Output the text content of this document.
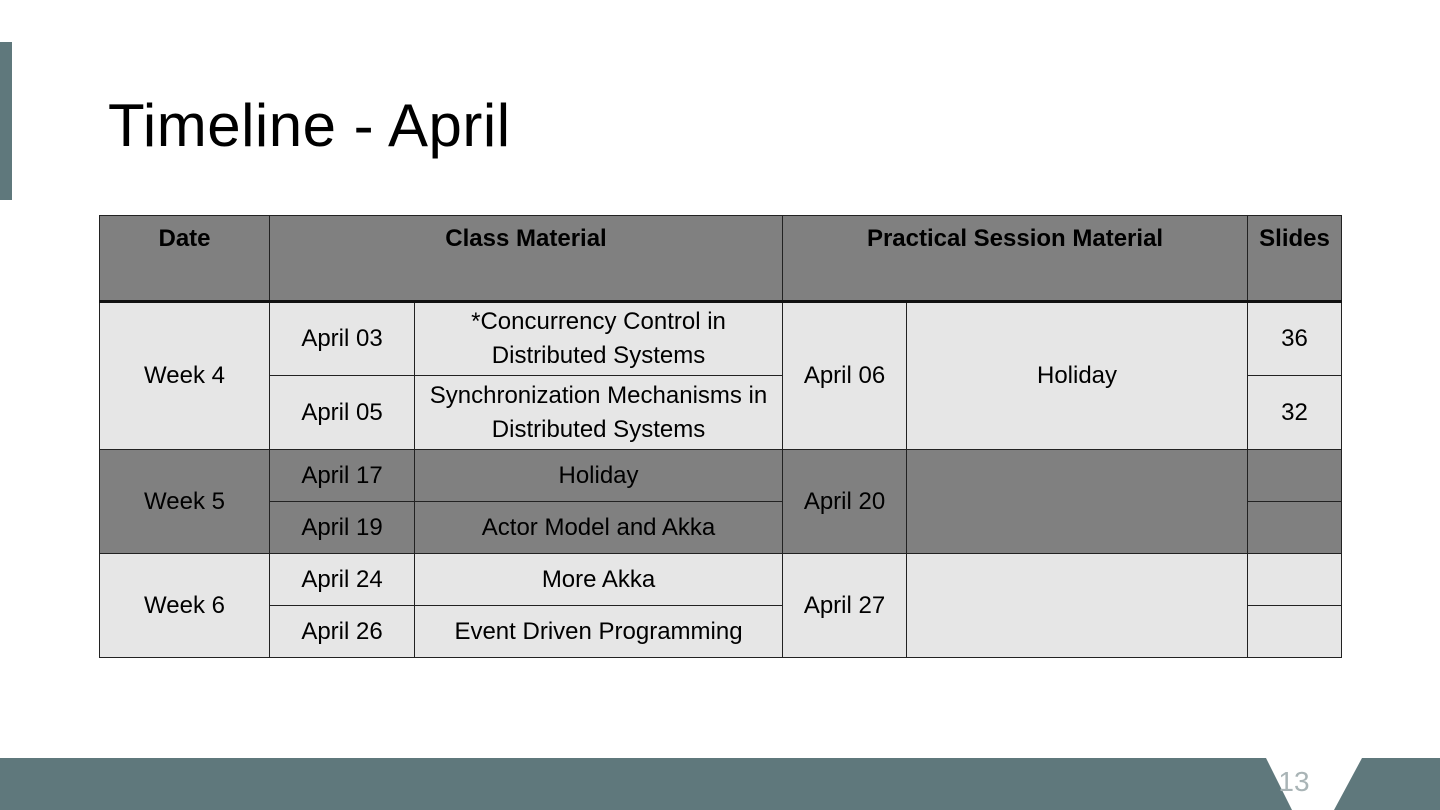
Timeline - April
Date	Class Material		Practical Session Material		Slides
Week 4	April 03	*Concurrency Control in Distributed Systems	April 06	Holiday	36
	April 05	Synchronization Mechanisms in Distributed Systems			32
Week 5	April 17	Holiday	April 20		
	April 19	Actor Model and Akka			
Week 6	April 24	More Akka	April 27		
	April 26	Event Driven Programming			
13
